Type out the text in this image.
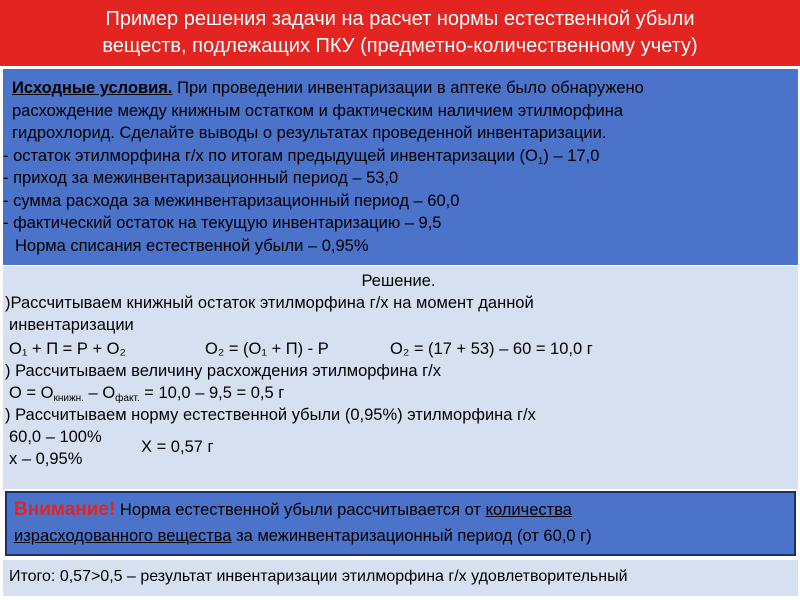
Пример решения задачи на расчет нормы естественной убыли
веществ, подлежащих ПКУ (предметно-количественному учету)
Исходные условия. При проведении инвентаризации в аптеке было обнаружено
расхождение между книжным остатком и фактическим наличием этилморфина
гидрохлорид. Сделайте выводы о результатах проведенной инвентаризации.
- остаток этилморфина г/х по итогам предыдущей инвентаризации $(О_1) - 17,0$
- приход за межинвентаризационный период – 53,0
- сумма расхода за межинвентаризационный период – 60,0
- фактический остаток на текущую инвентаризацию – 9,5
Норма списания естественной убыли – 0,95%
Решение.
)Рассчитываем книжный остаток этилморфина г/х на момент данной
инвентаризации
О₁ + П = Р + О₂	О₂ = (О₁ + П) - Р	О₂ = (17 + 53) – 60 = 10,0 г
) Рассчитываем величину расхождения этилморфина г/х
$О = О_{книжн.} - О_{факт.} = 10,0 - 9,5 = 0,5$ г
) Рассчитываем норму естественной убыли (0,95%) этилморфина г/х
60,0 – 100%
х – 0,95%
Х = 0,57 г
Внимание! Норма естественной убыли рассчитывается от количества
израсходованного вещества за межинвентаризационный период (от 60,0 г)
Итого: 0,57>0,5 – результат инвентаризации этилморфина г/х удовлетворительный
